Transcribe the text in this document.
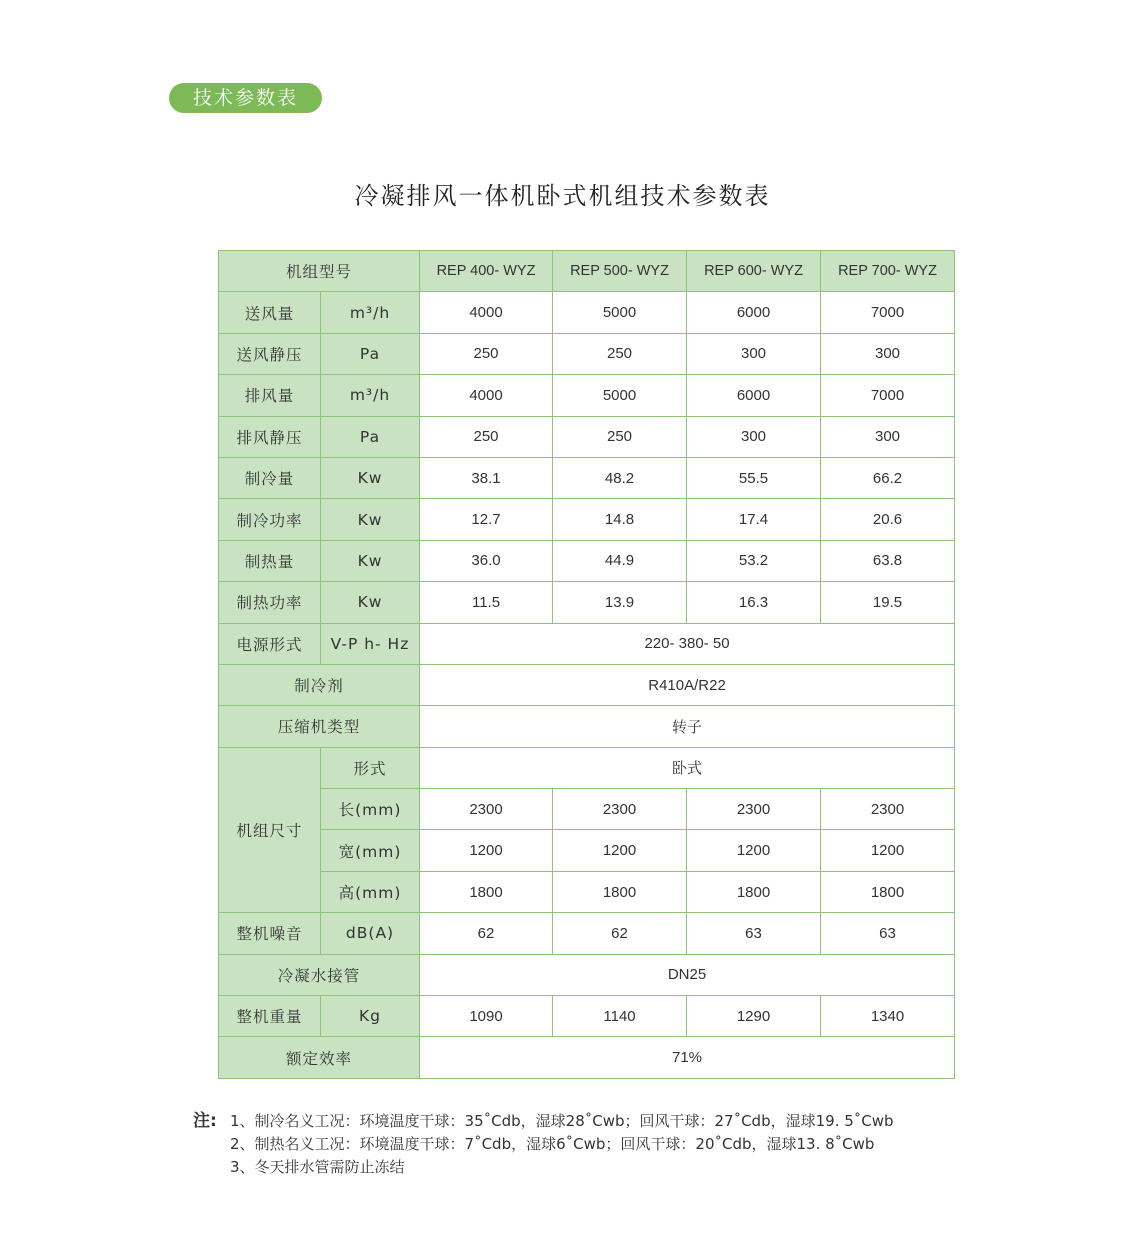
技术参数表
冷凝排风一体机卧式机组技术参数表
机组型号		REP 400- WYZ	REP 500- WYZ	REP 600- WYZ	REP 700- WYZ
送风量	m³/h	4000	5000	6000	7000
送风静压	Pa	250	250	300	300
排风量	m³/h	4000	5000	6000	7000
排风静压	Pa	250	250	300	300
制冷量	Kw	38.1	48.2	55.5	66.2
制冷功率	Kw	12.7	14.8	17.4	20.6
制热量	Kw	36.0	44.9	53.2	63.8
制热功率	Kw	11.5	13.9	16.3	19.5
电源形式	V-P h- Hz	220- 380- 50			
制冷剂		R410A/R22			
压缩机类型		转子			
机组尺寸	形式	卧式			
	长(mm)	2300	2300	2300	2300
	宽(mm)	1200	1200	1200	1200
	高(mm)	1800	1800	1800	1800
整机噪音	dB(A)	62	62	63	63
冷凝水接管		DN25			
整机重量	Kg	1090	1140	1290	1340
额定效率		71%			
注: 1、制冷名义工况：环境温度干球：35˚Cdb，湿球28˚Cwb；回风干球：27˚Cdb，湿球19. 5˚Cwb
2、制热名义工况：环境温度干球：7˚Cdb，湿球6˚Cwb；回风干球：20˚Cdb，湿球13. 8˚Cwb
3、冬天排水管需防止冻结
